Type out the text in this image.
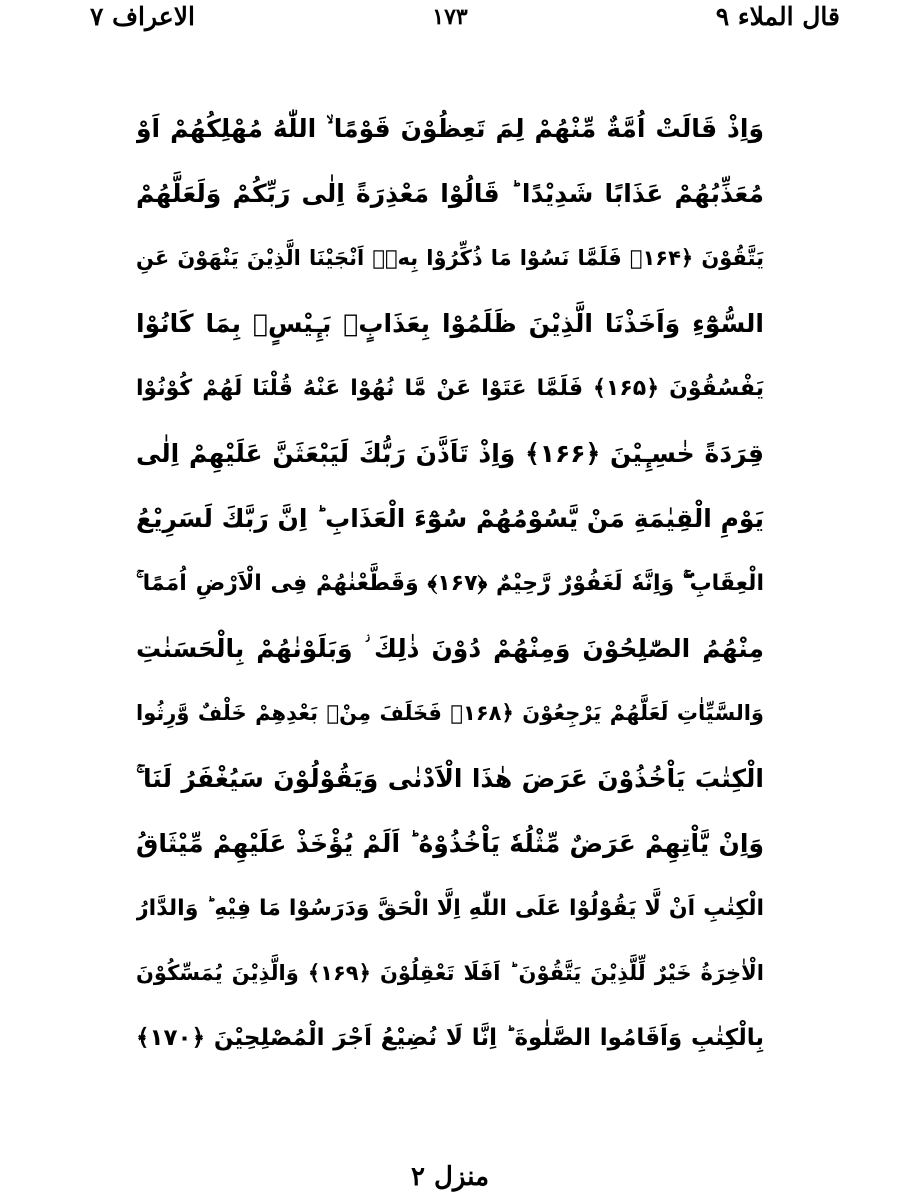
قال الملاء ٩
١٧٣
الاعراف ۷
وَاِذْ قَالَتْ اُمَّةٌ مِّنْهُمْ لِمَ تَعِظُوْنَ قَوْمًا ۙ اللّٰهُ مُهْلِكُهُمْ اَوْ
مُعَذِّبُهُمْ عَذَابًا شَدِيْدًا ؕ قَالُوْا مَعْذِرَةً اِلٰى رَبِّكُمْ وَلَعَلَّهُمْ
يَتَّقُوْنَ ﴿۱۶۴﴾ فَلَمَّا نَسُوْا مَا ذُكِّرُوْا بِهٖۤ اَنْجَيْنَا الَّذِيْنَ يَنْهَوْنَ عَنِ
السُّوْٓءِ وَاَخَذْنَا الَّذِيْنَ ظَلَمُوْا بِعَذَابٍۭ بَـِٕيْسٍۭ بِمَا كَانُوْا
يَفْسُقُوْنَ ﴿۱۶۵﴾ فَلَمَّا عَتَوْا عَنْ مَّا نُهُوْا عَنْهُ قُلْنَا لَهُمْ كُوْنُوْا
قِرَدَةً خٰسِـِٕيْنَ ﴿۱۶۶﴾ وَاِذْ تَاَذَّنَ رَبُّكَ لَيَبْعَثَنَّ عَلَيْهِمْ اِلٰى
يَوْمِ الْقِيٰمَةِ مَنْ يَّسُوْمُهُمْ سُوْٓءَ الْعَذَابِ ؕ اِنَّ رَبَّكَ لَسَرِيْعُ
الْعِقَابِ ۖۚ وَاِنَّهٗ لَغَفُوْرٌ رَّحِيْمٌ ﴿۱۶۷﴾ وَقَطَّعْنٰهُمْ فِى الْاَرْضِ اُمَمًا ۚ
مِنْهُمُ الصّٰلِحُوْنَ وَمِنْهُمْ دُوْنَ ذٰلِكَ ؗ وَبَلَوْنٰهُمْ بِالْحَسَنٰتِ
وَالسَّيِّاٰتِ لَعَلَّهُمْ يَرْجِعُوْنَ ﴿۱۶۸﴾ فَخَلَفَ مِنْۢ بَعْدِهِمْ خَلْفٌ وَّرِثُوا
الْكِتٰبَ يَاْخُذُوْنَ عَرَضَ هٰذَا الْاَدْنٰى وَيَقُوْلُوْنَ سَيُغْفَرُ لَنَا ۚ
وَاِنْ يَّاْتِهِمْ عَرَضٌ مِّثْلُهٗ يَاْخُذُوْهُ ؕ اَلَمْ يُؤْخَذْ عَلَيْهِمْ مِّيْثَاقُ
الْكِتٰبِ اَنْ لَّا يَقُوْلُوْا عَلَى اللّٰهِ اِلَّا الْحَقَّ وَدَرَسُوْا مَا فِيْهِ ؕ وَالدَّارُ
الْاٰخِرَةُ خَيْرٌ لِّلَّذِيْنَ يَتَّقُوْنَ ؕ اَفَلَا تَعْقِلُوْنَ ﴿۱۶۹﴾ وَالَّذِيْنَ يُمَسِّكُوْنَ
بِالْكِتٰبِ وَاَقَامُوا الصَّلٰوةَ ؕ اِنَّا لَا نُضِيْعُ اَجْرَ الْمُصْلِحِيْنَ ﴿۱۷۰﴾
منزل ۲
